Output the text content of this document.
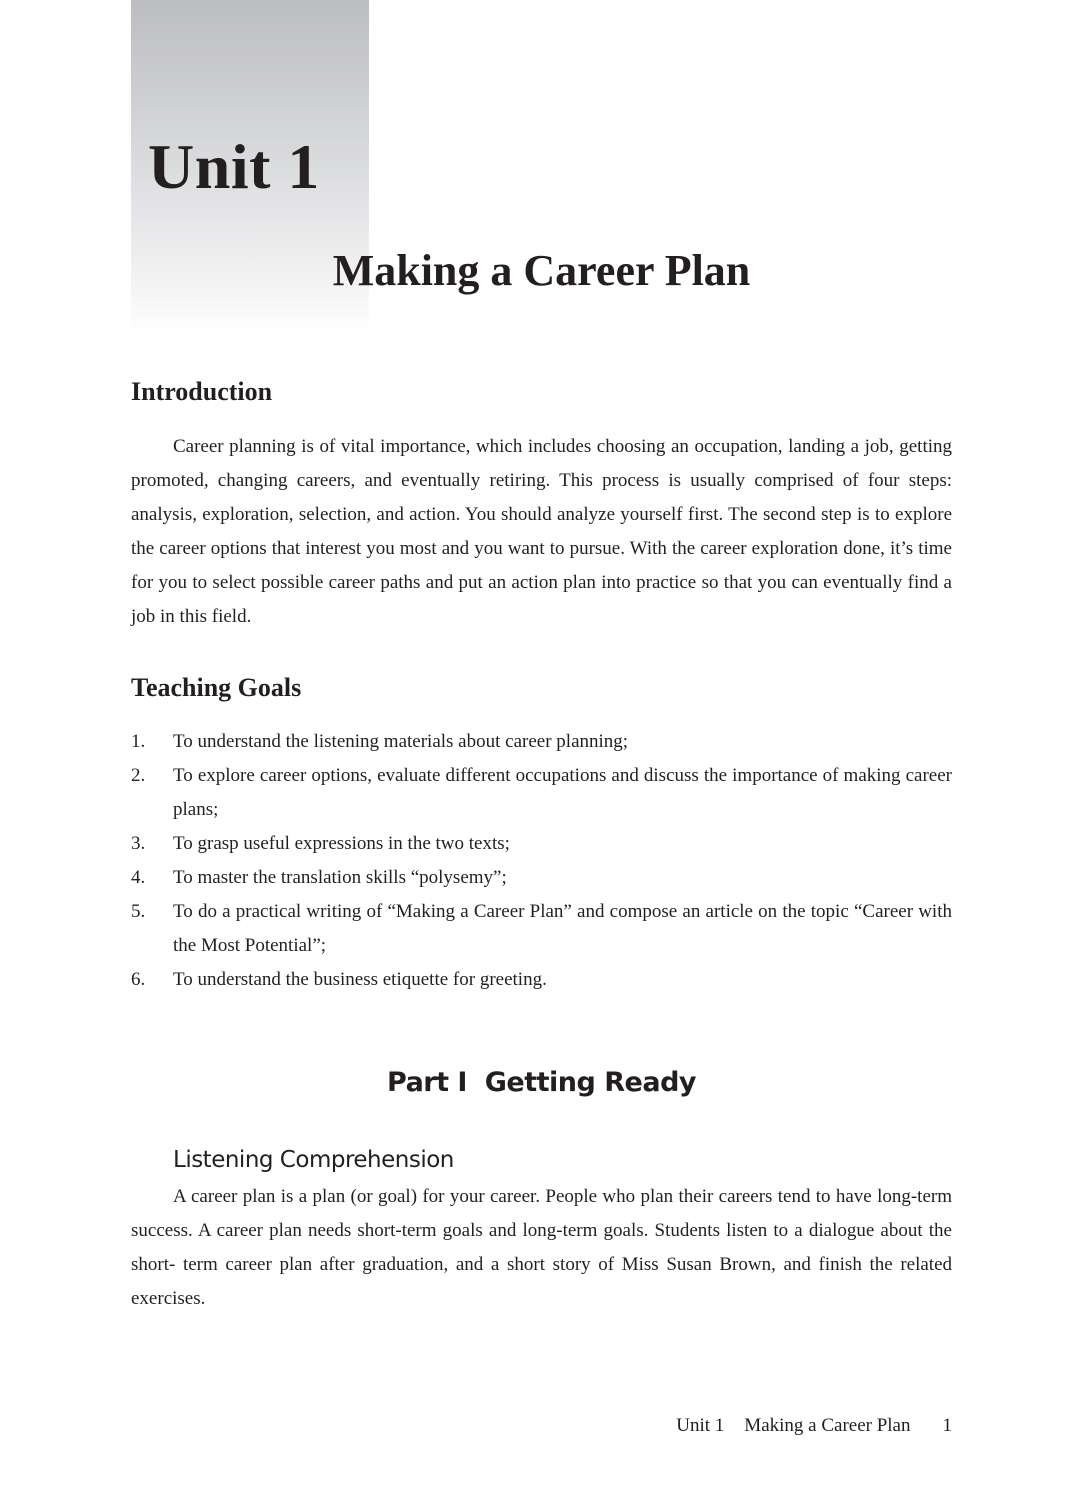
Unit 1
Making a Career Plan
Introduction

Career planning is of vital importance, which includes choosing an occupation, landing a job, getting promoted, changing careers, and eventually retiring. This process is usually comprised of four steps: analysis, exploration, selection, and action. You should analyze yourself first. The second step is to explore the career options that interest you most and you want to pursue. With the career exploration done, it’s time for you to select possible career paths and put an action plan into practice so that you can eventually find a job in this field.

Teaching Goals
1. To understand the listening materials about career planning;
2. To explore career options, evaluate different occupations and discuss the importance of making career plans;
3. To grasp useful expressions in the two texts;
4. To master the translation skills “polysemy”;
5. To do a practical writing of “Making a Career Plan” and compose an article on the topic “Career with the Most Potential”;
6. To understand the business etiquette for greeting.
Part I  Getting Ready
Listening Comprehension

A career plan is a plan (or goal) for your career. People who plan their careers tend to have long-term success. A career plan needs short-term goals and long-term goals. Students listen to a dialogue about the short- term career plan after graduation, and a short story of Miss Susan Brown, and finish the related exercises.

Unit 1 Making a Career Plan 1
